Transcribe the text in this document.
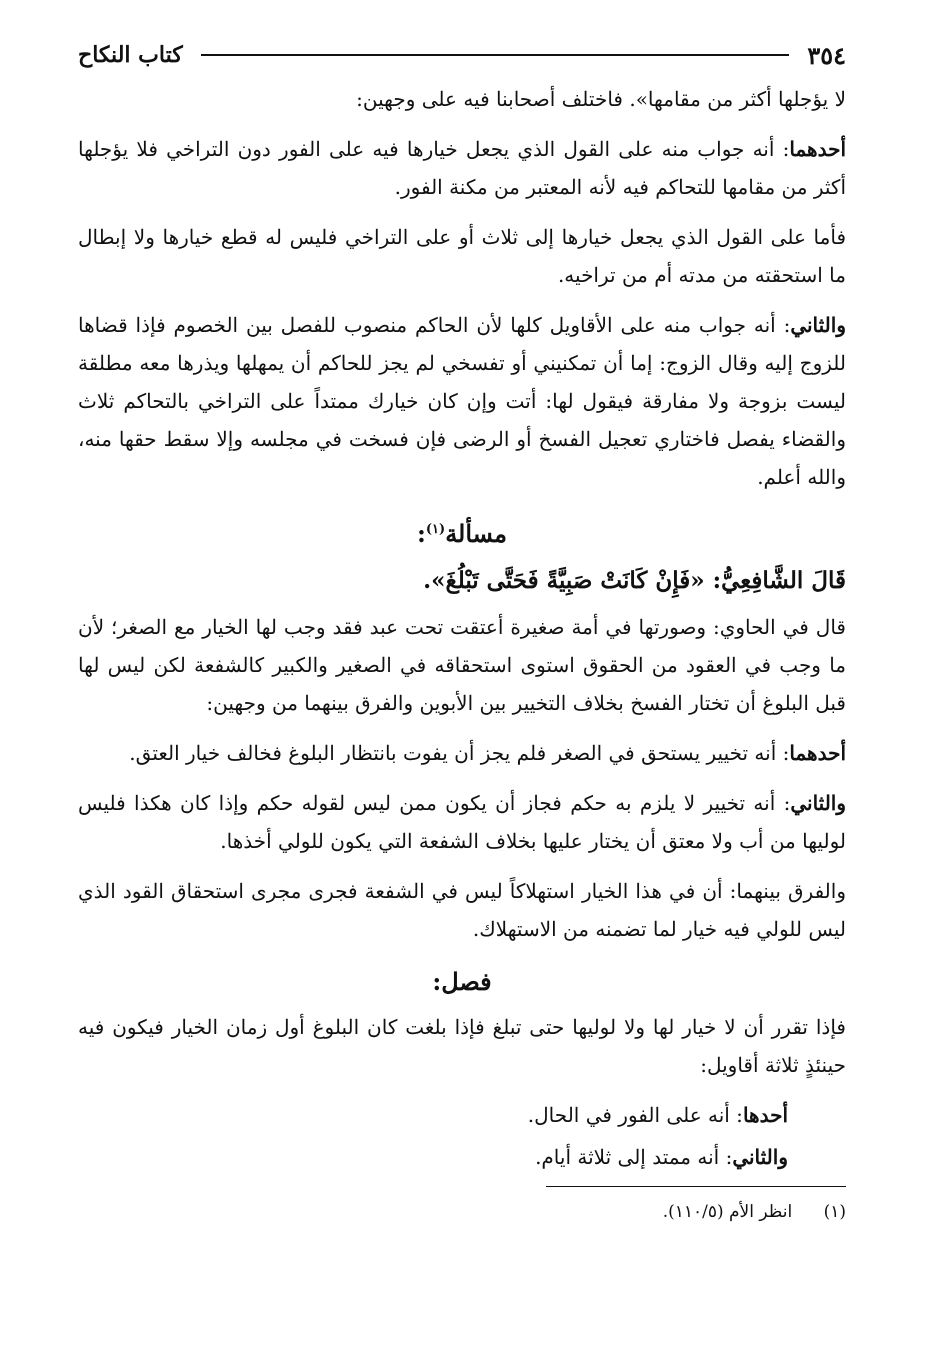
٣٥٤
كتاب النكاح

لا يؤجلها أكثر من مقامها». فاختلف أصحابنا فيه على وجهين:

أحدهما: أنه جواب منه على القول الذي يجعل خيارها فيه على الفور دون التراخي فلا يؤجلها أكثر من مقامها للتحاكم فيه لأنه المعتبر من مكنة الفور.

فأما على القول الذي يجعل خيارها إلى ثلاث أو على التراخي فليس له قطع خيارها ولا إبطال ما استحقته من مدته أم من تراخيه.

والثاني: أنه جواب منه على الأقاويل كلها لأن الحاكم منصوب للفصل بين الخصوم فإذا قضاها للزوج إليه وقال الزوج: إما أن تمكنيني أو تفسخي لم يجز للحاكم أن يمهلها ويذرها معه مطلقة ليست بزوجة ولا مفارقة فيقول لها: أتت وإن كان خيارك ممتداً على التراخي بالتحاكم ثلاث والقضاء يفصل فاختاري تعجيل الفسخ أو الرضى فإن فسخت في مجلسه وإلا سقط حقها منه، والله أعلم.

مسألة$^{(١)}$:

قَالَ الشَّافِعِيُّ: «فَإِنْ كَانَتْ صَبِيَّةً فَحَتَّى تَبْلُغَ».

قال في الحاوي: وصورتها في أمة صغيرة أعتقت تحت عبد فقد وجب لها الخيار مع الصغر؛ لأن ما وجب في العقود من الحقوق استوى استحقاقه في الصغير والكبير كالشفعة لكن ليس لها قبل البلوغ أن تختار الفسخ بخلاف التخيير بين الأبوين والفرق بينهما من وجهين:

أحدهما: أنه تخيير يستحق في الصغر فلم يجز أن يفوت بانتظار البلوغ فخالف خيار العتق.

والثاني: أنه تخيير لا يلزم به حكم فجاز أن يكون ممن ليس لقوله حكم وإذا كان هكذا فليس لوليها من أب ولا معتق أن يختار عليها بخلاف الشفعة التي يكون للولي أخذها.

والفرق بينهما: أن في هذا الخيار استهلاكاً ليس في الشفعة فجرى مجرى استحقاق القود الذي ليس للولي فيه خيار لما تضمنه من الاستهلاك.

فصل:

فإذا تقرر أن لا خيار لها ولا لوليها حتى تبلغ فإذا بلغت كان البلوغ أول زمان الخيار فيكون فيه حينئذٍ ثلاثة أقاويل:

أحدها: أنه على الفور في الحال.

والثاني: أنه ممتد إلى ثلاثة أيام.

(١) انظر الأم (١١٠/٥).
